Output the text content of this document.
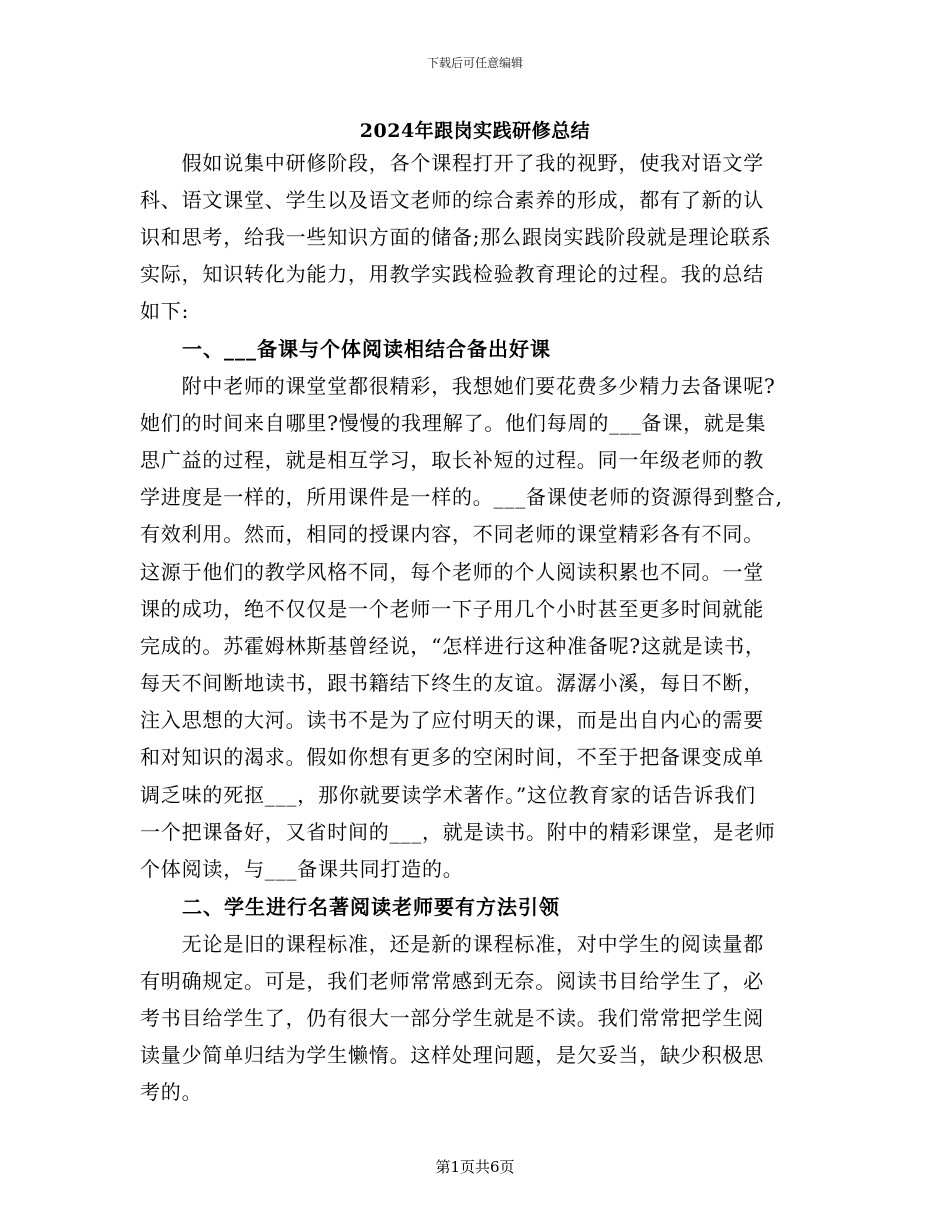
下载后可任意编辑
2024年跟岗实践研修总结
　　假如说集中研修阶段，各个课程打开了我的视野，使我对语文学
科、语文课堂、学生以及语文老师的综合素养的形成，都有了新的认
识和思考，给我一些知识方面的储备;那么跟岗实践阶段就是理论联系
实际，知识转化为能力，用教学实践检验教育理论的过程。我的总结
如下:
　　一、___备课与个体阅读相结合备出好课
　　附中老师的课堂堂都很精彩，我想她们要花费多少精力去备课呢?
她们的时间来自哪里?慢慢的我理解了。他们每周的___备课，就是集
思广益的过程，就是相互学习，取长补短的过程。同一年级老师的教
学进度是一样的，所用课件是一样的。___备课使老师的资源得到整合,
有效利用。然而，相同的授课内容，不同老师的课堂精彩各有不同。
这源于他们的教学风格不同，每个老师的个人阅读积累也不同。一堂
课的成功，绝不仅仅是一个老师一下子用几个小时甚至更多时间就能
完成的。苏霍姆林斯基曾经说，“怎样进行这种准备呢?这就是读书，
每天不间断地读书，跟书籍结下终生的友谊。潺潺小溪，每日不断，
注入思想的大河。读书不是为了应付明天的课，而是出自内心的需要
和对知识的渴求。假如你想有更多的空闲时间，不至于把备课变成单
调乏味的死抠___，那你就要读学术著作。”这位教育家的话告诉我们
一个把课备好，又省时间的___，就是读书。附中的精彩课堂，是老师
个体阅读，与___备课共同打造的。
　　二、学生进行名著阅读老师要有方法引领
　　无论是旧的课程标准，还是新的课程标准，对中学生的阅读量都
有明确规定。可是，我们老师常常感到无奈。阅读书目给学生了，必
考书目给学生了，仍有很大一部分学生就是不读。我们常常把学生阅
读量少简单归结为学生懒惰。这样处理问题，是欠妥当，缺少积极思
考的。
第1页共6页
